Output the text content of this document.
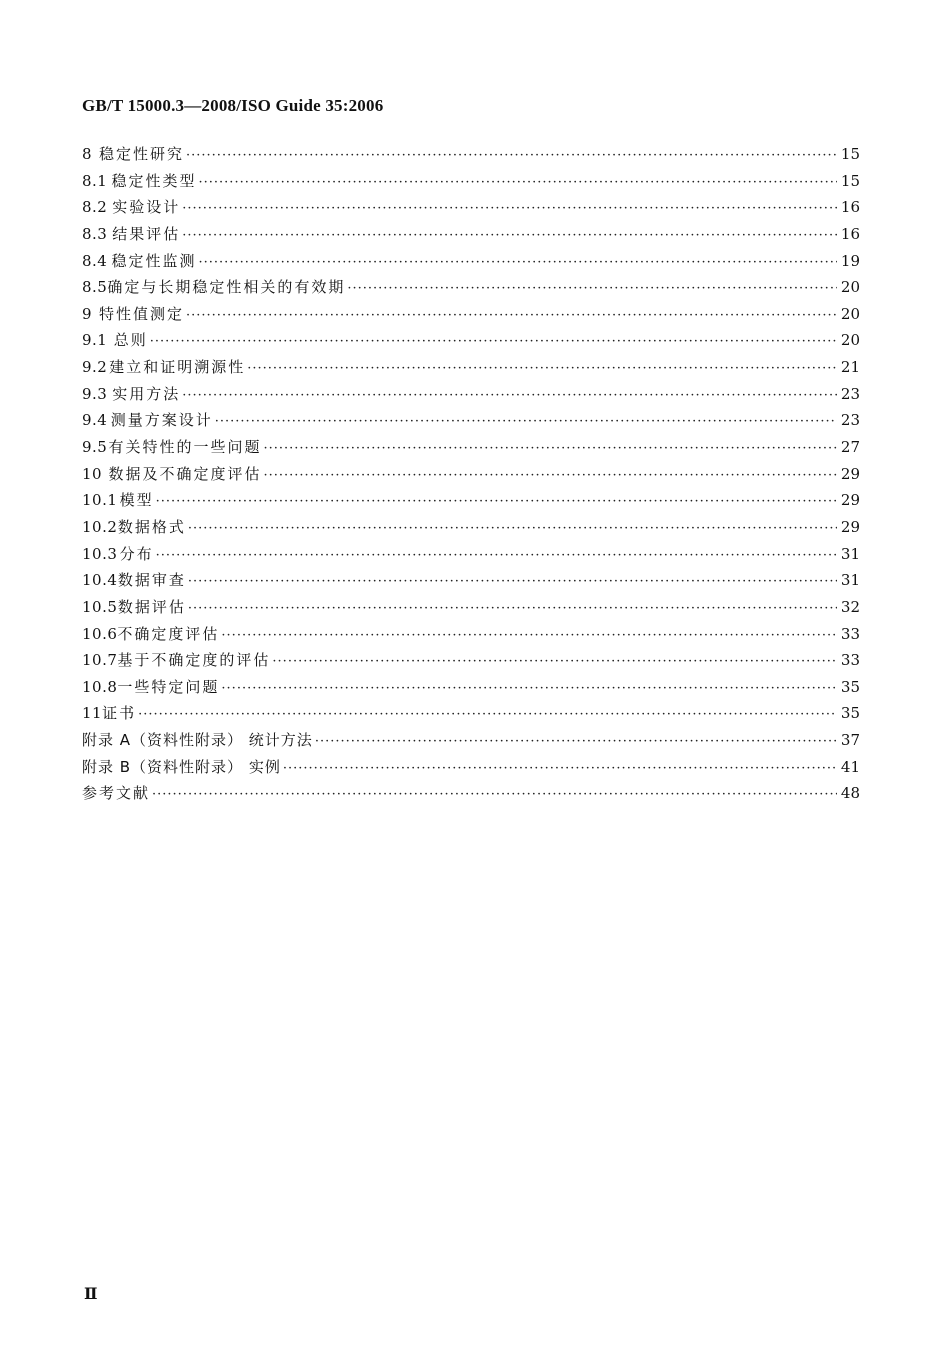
GB/T 15000.3—2008/ISO Guide 35:2006
8 稳定性研究 ·····	15
8.1 稳定性类型 ·····	15
8.2 实验设计 ·····	16
8.3 结果评估 ·····	16
8.4 稳定性监测 ·····	19
8.5 确定与长期稳定性相关的有效期 ·····	20
9 特性值测定 ·····	20
9.1 总则 ·····	20
9.2 建立和证明溯源性 ·····	21
9.3 实用方法 ·····	23
9.4 测量方案设计 ·····	23
9.5 有关特性的一些问题 ·····	27
10 数据及不确定度评估 ·····	29
10.1 模型 ·····	29
10.2 数据格式 ·····	29
10.3 分布 ·····	31
10.4 数据审查 ·····	31
10.5 数据评估 ·····	32
10.6 不确定度评估 ·····	33
10.7 基于不确定度的评估 ·····	33
10.8 一些特定问题 ·····	35
11 证书 ·····	35
附录 A（资料性附录） 统计方法 ·····	37
附录 B（资料性附录） 实例 ·····	41
参考文献 ·····	48
Ⅱ
